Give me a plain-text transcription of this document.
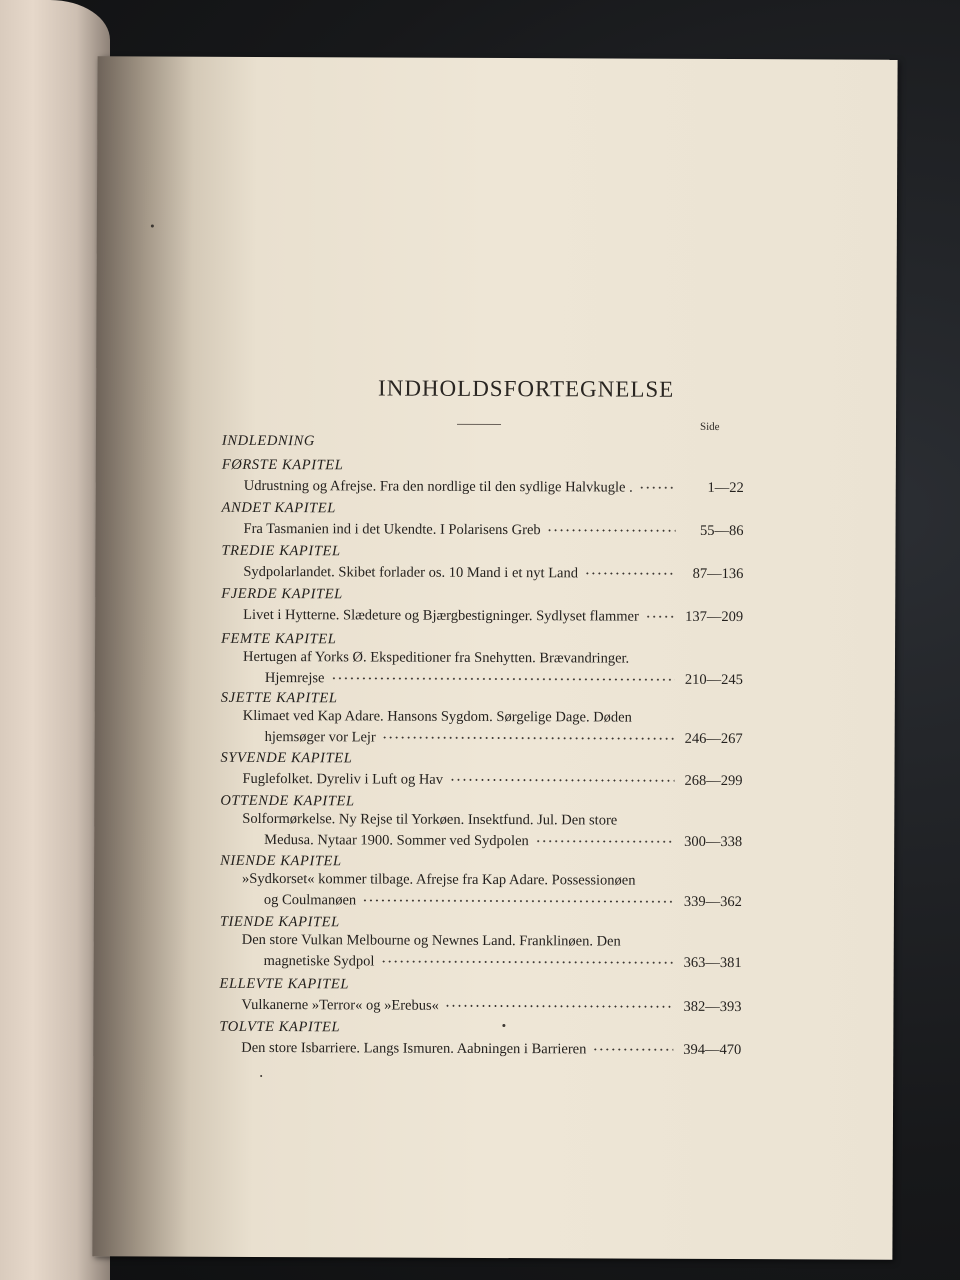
INDHOLDSFORTEGNELSE
Side
INDLEDNING
FØRSTE KAPITEL
Udrustning og Afrejse. Fra den nordlige til den sydlige Halvkugle .	1—22
ANDET KAPITEL
Fra Tasmanien ind i det Ukendte. I Polarisens Greb	55—86
TREDIE KAPITEL
Sydpolarlandet. Skibet forlader os. 10 Mand i et nyt Land	87—136
FJERDE KAPITEL
Livet i Hytterne. Slædeture og Bjærgbestigninger. Sydlyset flammer	137—209
FEMTE KAPITEL
Hertugen af Yorks Ø. Ekspeditioner fra Snehytten. Brævandringer.
Hjemrejse	210—245
SJETTE KAPITEL
Klimaet ved Kap Adare. Hansons Sygdom. Sørgelige Dage. Døden
hjemsøger vor Lejr	246—267
SYVENDE KAPITEL
Fuglefolket. Dyreliv i Luft og Hav	268—299
OTTENDE KAPITEL
Solformørkelse. Ny Rejse til Yorkøen. Insektfund. Jul. Den store
Medusa. Nytaar 1900. Sommer ved Sydpolen	300—338
NIENDE KAPITEL
»Sydkorset« kommer tilbage. Afrejse fra Kap Adare. Possessionøen
og Coulmanøen	339—362
TIENDE KAPITEL
Den store Vulkan Melbourne og Newnes Land. Franklinøen. Den
magnetiske Sydpol	363—381
ELLEVTE KAPITEL
Vulkanerne »Terror« og »Erebus«	382—393
TOLVTE KAPITEL
Den store Isbarriere. Langs Ismuren. Aabningen i Barrieren	394—470
